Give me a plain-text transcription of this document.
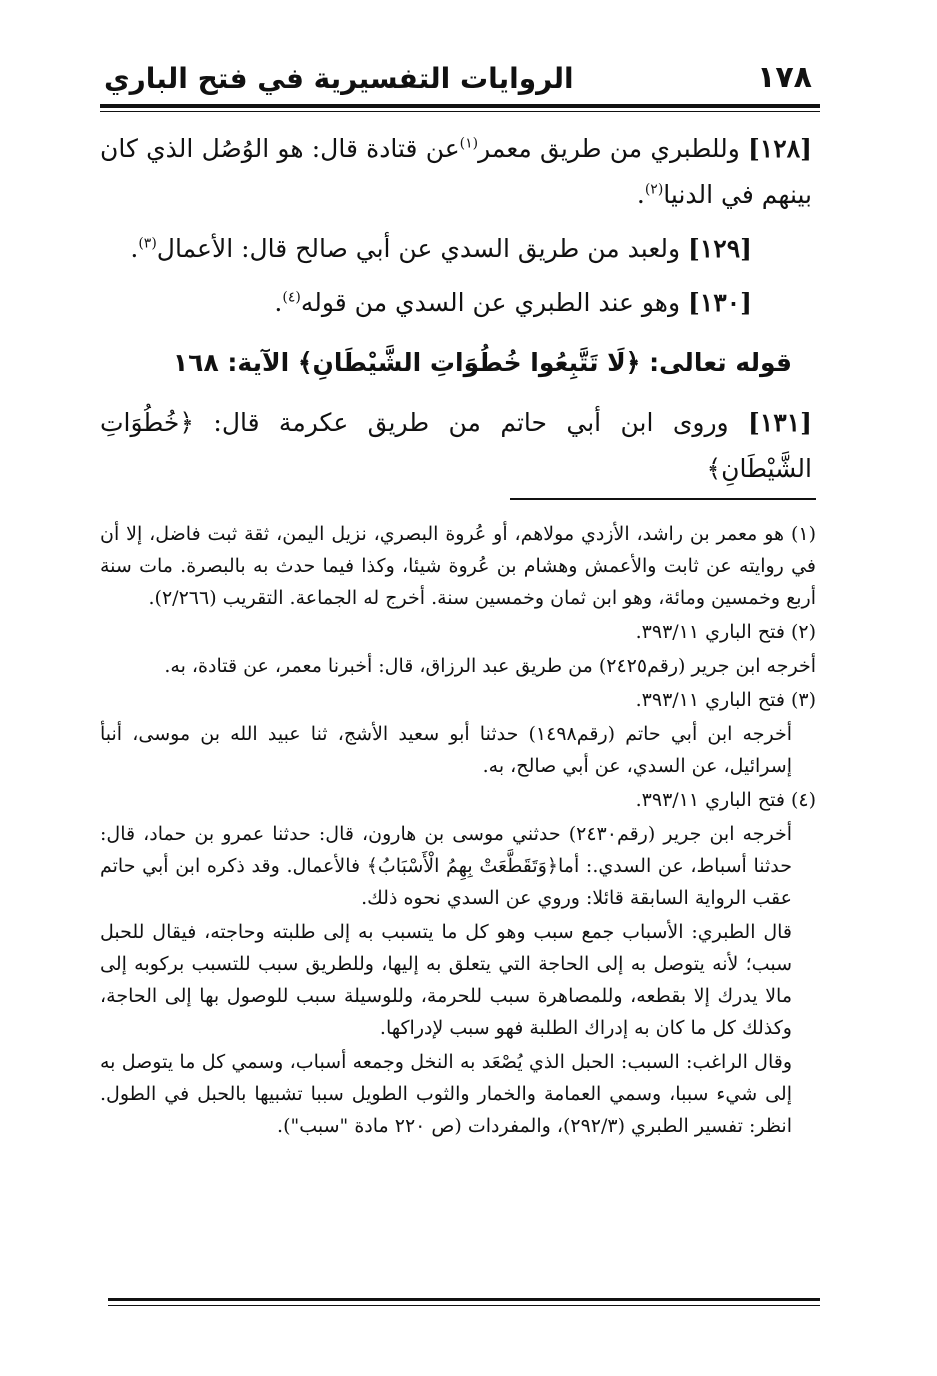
١٧٨
الروايات التفسيرية في فتح الباري

[١٢٨] وللطبري من طريق معمر$^{(١)}$عن قتادة قال: هو الوُصُل الذي كان بينهم في الدنيا$^{(٢)}$.

[١٢٩] ولعبد من طريق السدي عن أبي صالح قال: الأعمال$^{(٣)}$.

[١٣٠] وهو عند الطبري عن السدي من قوله$^{(٤)}$.

قوله تعالى: ﴿لَا تَتَّبِعُوا خُطُوَاتِ الشَّيْطَانِ﴾ الآية: ١٦٨

[١٣١] وروى ابن أبي حاتم من طريق عكرمة قال: ﴿خُطُوَاتِ الشَّيْطَانِ﴾

(١) هو معمر بن راشد، الأزدي مولاهم، أو عُروة البصري، نزيل اليمن، ثقة ثبت فاضل، إلا أن في روايته عن ثابت والأعمش وهشام بن عُروة شيئا، وكذا فيما حدث به بالبصرة. مات سنة أربع وخمسين ومائة، وهو ابن ثمان وخمسين سنة. أخرج له الجماعة. التقريب (٢/٢٦٦).

(٢) فتح الباري ٣٩٣/١١.

أخرجه ابن جرير (رقم٢٤٢٥) من طريق عبد الرزاق، قال: أخبرنا معمر، عن قتادة، به.

(٣) فتح الباري ٣٩٣/١١.

أخرجه ابن أبي حاتم (رقم١٤٩٨) حدثنا أبو سعيد الأشج، ثنا عبيد الله بن موسى، أنبأ إسرائيل، عن السدي، عن أبي صالح، به.

(٤) فتح الباري ٣٩٣/١١.

أخرجه ابن جرير (رقم٢٤٣٠) حدثني موسى بن هارون، قال: حدثنا عمرو بن حماد، قال: حدثنا أسباط، عن السدي.: أما﴿وَتَقَطَّعَتْ بِهِمُ الْأَسْبَابُ﴾ فالأعمال. وقد ذكره ابن أبي حاتم عقب الرواية السابقة قائلا: وروي عن السدي نحوه ذلك.

قال الطبري: الأسباب جمع سبب وهو كل ما يتسبب به إلى طلبته وحاجته، فيقال للحبل سبب؛ لأنه يتوصل به إلى الحاجة التي يتعلق به إليها، وللطريق سبب للتسبب بركوبه إلى مالا يدرك إلا بقطعه، وللمصاهرة سبب للحرمة، وللوسيلة سبب للوصول بها إلى الحاجة، وكذلك كل ما كان به إدراك الطلبة فهو سبب لإدراكها.

وقال الراغب: السبب: الحبل الذي يُصْعَد به النخل وجمعه أسباب، وسمي كل ما يتوصل به إلى شيء سببا، وسمي العمامة والخمار والثوب الطويل سببا تشبيها بالحبل في الطول. انظر: تفسير الطبري (٢٩٢/٣)، والمفردات (ص ٢٢٠ مادة "سبب").
